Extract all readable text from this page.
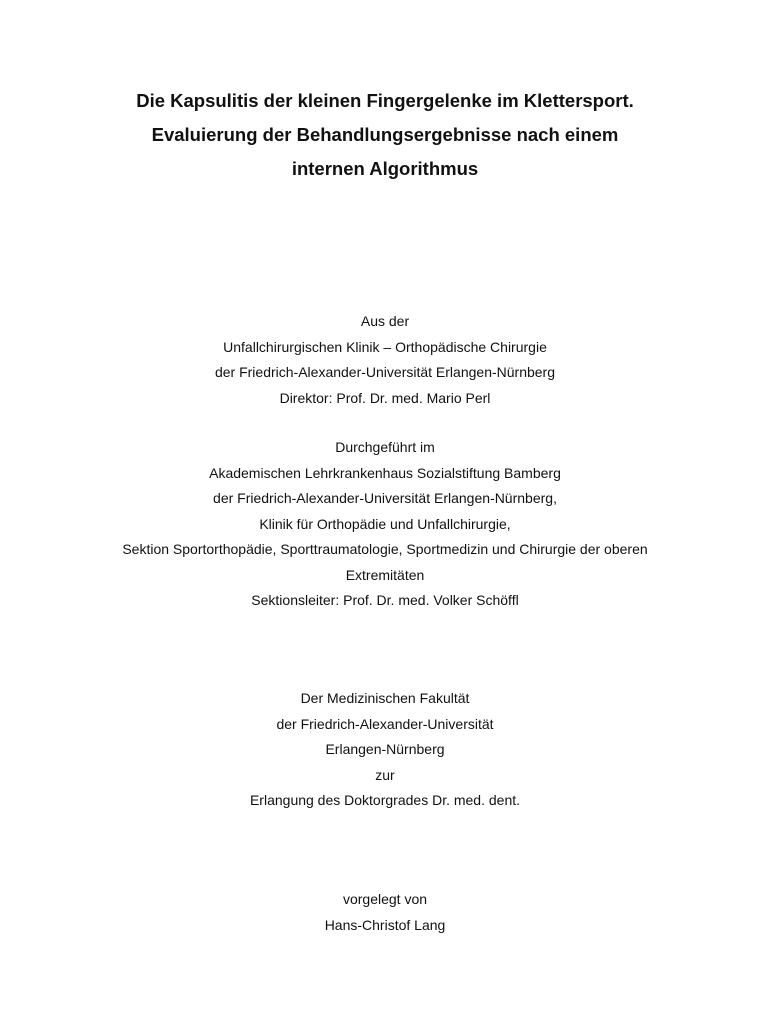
Die Kapsulitis der kleinen Fingergelenke im Klettersport.
Evaluierung der Behandlungsergebnisse nach einem
internen Algorithmus
Aus der
Unfallchirurgischen Klinik – Orthopädische Chirurgie
der Friedrich-Alexander-Universität Erlangen-Nürnberg
Direktor: Prof. Dr. med. Mario Perl
Durchgeführt im
Akademischen Lehrkrankenhaus Sozialstiftung Bamberg
der Friedrich-Alexander-Universität Erlangen-Nürnberg,
Klinik für Orthopädie und Unfallchirurgie,
Sektion Sportorthopädie, Sporttraumatologie, Sportmedizin und Chirurgie der oberen
Extremitäten
Sektionsleiter: Prof. Dr. med. Volker Schöffl
Der Medizinischen Fakultät
der Friedrich-Alexander-Universität
Erlangen-Nürnberg
zur
Erlangung des Doktorgrades Dr. med. dent.
vorgelegt von
Hans-Christof Lang
